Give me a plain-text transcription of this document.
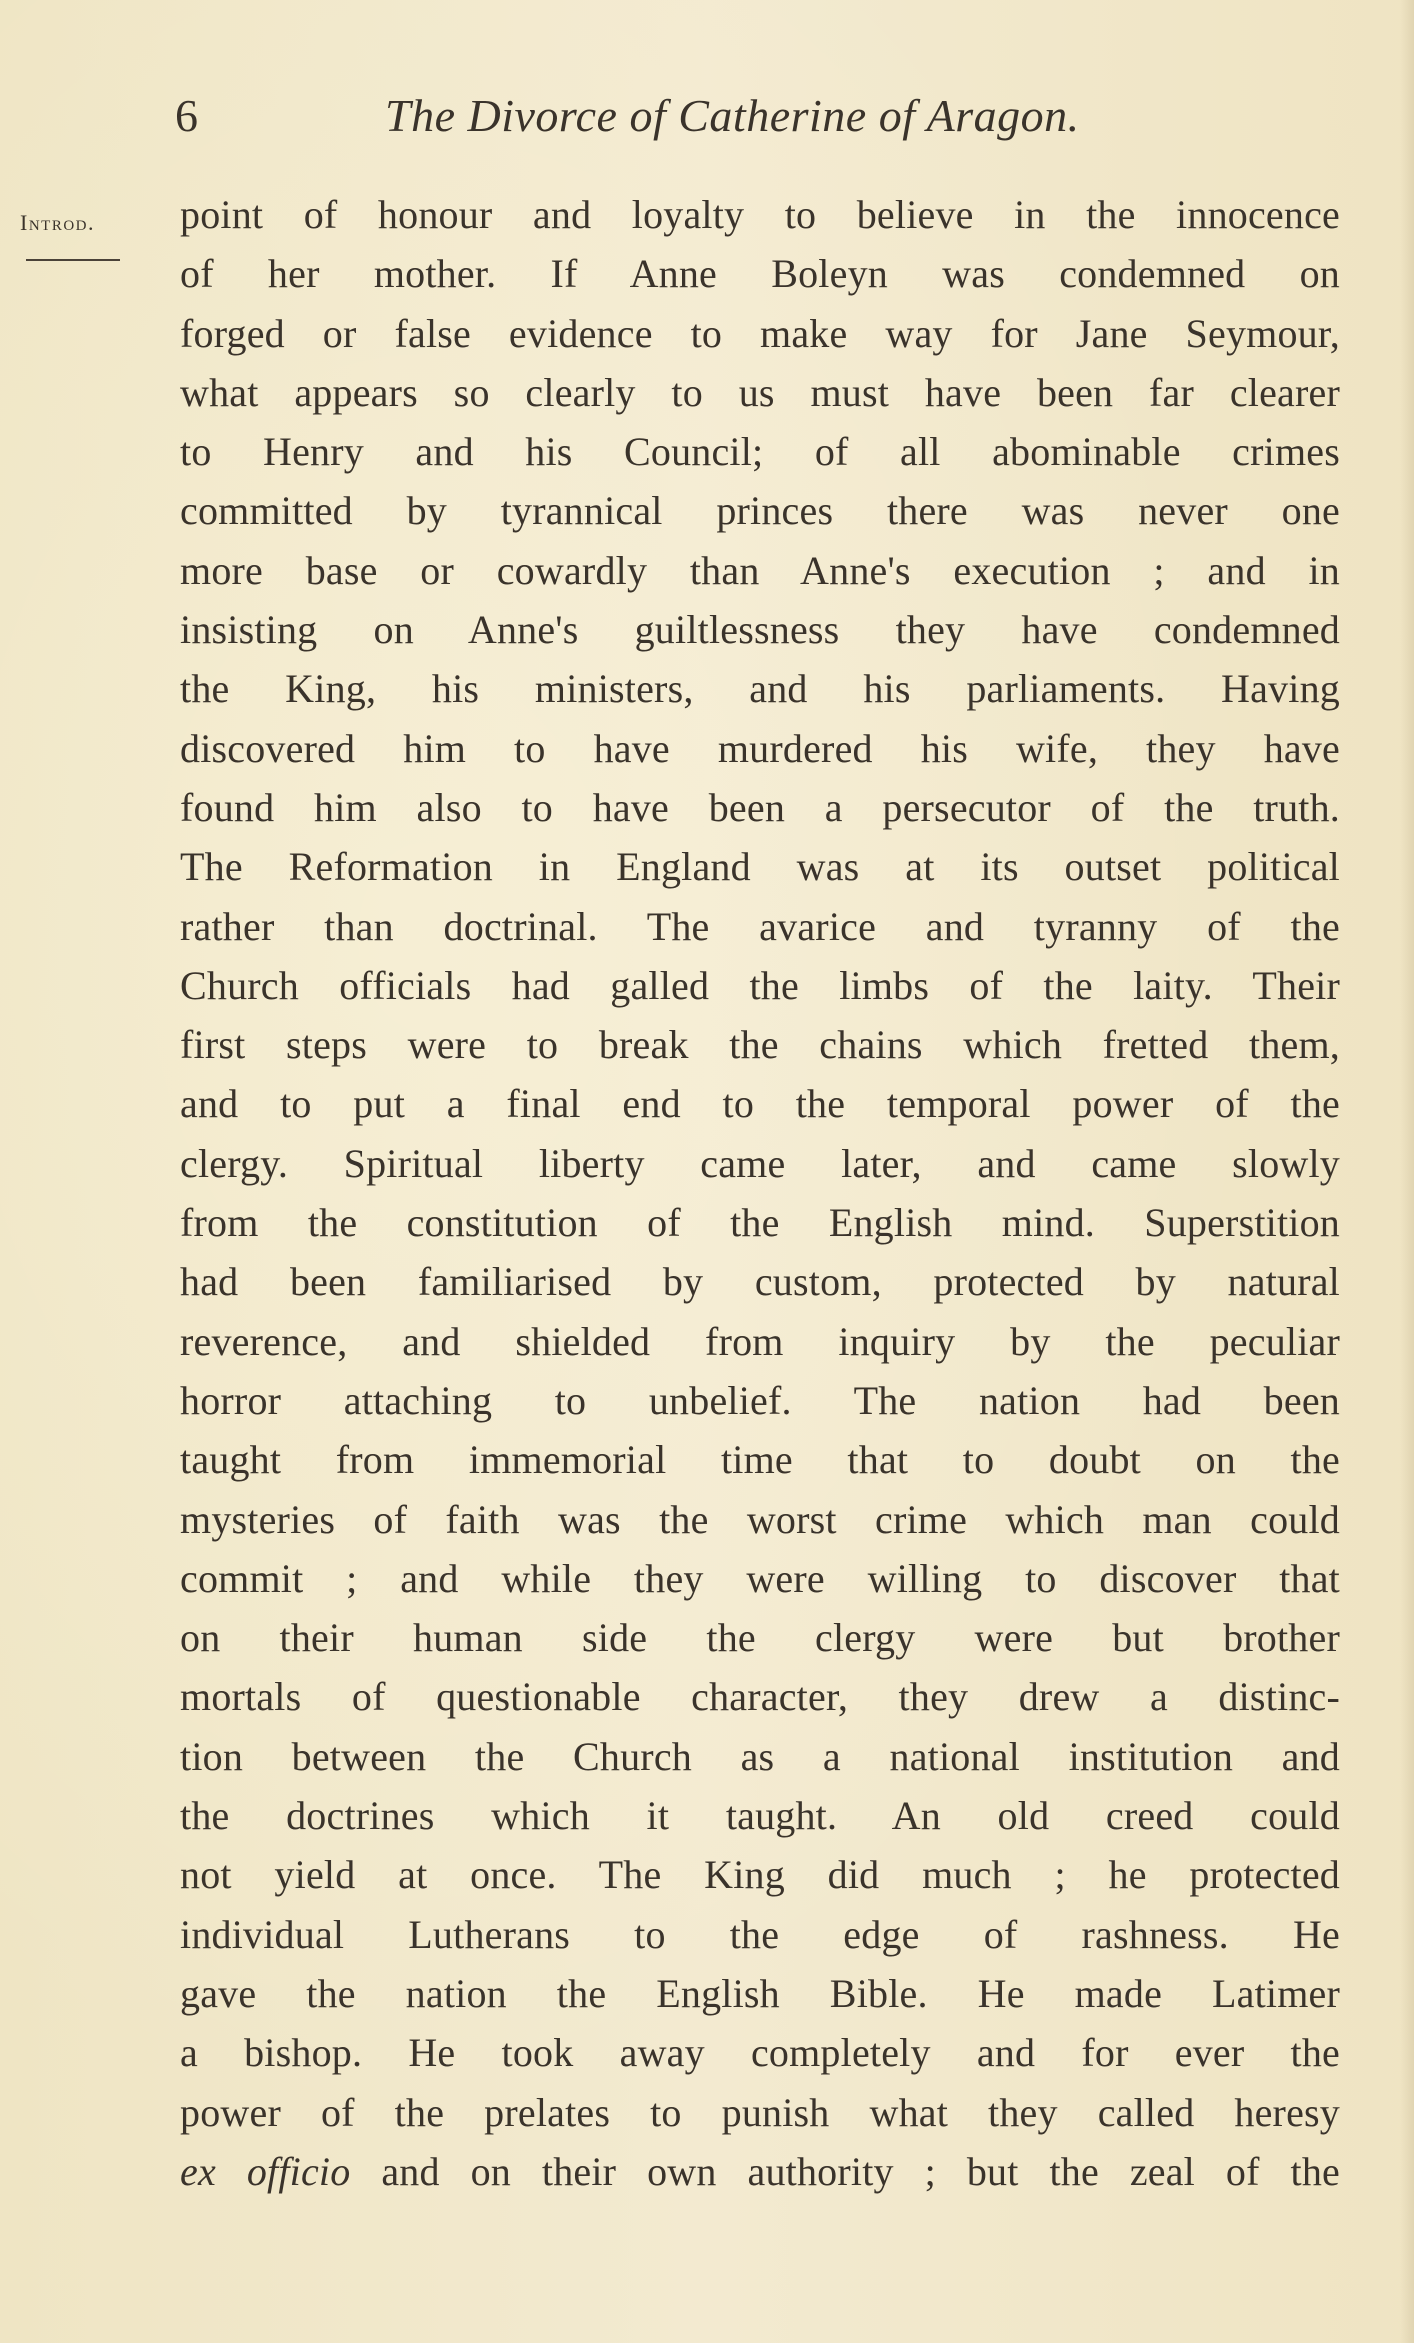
6	The Divorce of Catherine of Aragon.
Introd.	point of honour and loyalty to believe in the innocence
of her mother. If Anne Boleyn was condemned on
forged or false evidence to make way for Jane Seymour,
what appears so clearly to us must have been far clearer
to Henry and his Council; of all abominable crimes
committed by tyrannical princes there was never one
more base or cowardly than Anne's execution ; and in
insisting on Anne's guiltlessness they have condemned
the King, his ministers, and his parliaments. Having
discovered him to have murdered his wife, they have
found him also to have been a persecutor of the truth.
The Reformation in England was at its outset political
rather than doctrinal. The avarice and tyranny of the
Church officials had galled the limbs of the laity. Their
first steps were to break the chains which fretted them,
and to put a final end to the temporal power of the
clergy. Spiritual liberty came later, and came slowly
from the constitution of the English mind. Superstition
had been familiarised by custom, protected by natural
reverence, and shielded from inquiry by the peculiar
horror attaching to unbelief. The nation had been
taught from immemorial time that to doubt on the
mysteries of faith was the worst crime which man could
commit ; and while they were willing to discover that
on their human side the clergy were but brother
mortals of questionable character, they drew a distinc-
tion between the Church as a national institution and
the doctrines which it taught. An old creed could
not yield at once. The King did much ; he protected
individual Lutherans to the edge of rashness. He
gave the nation the English Bible. He made Latimer
a bishop. He took away completely and for ever the
power of the prelates to punish what they called heresy
ex officio and on their own authority ; but the zeal of the
